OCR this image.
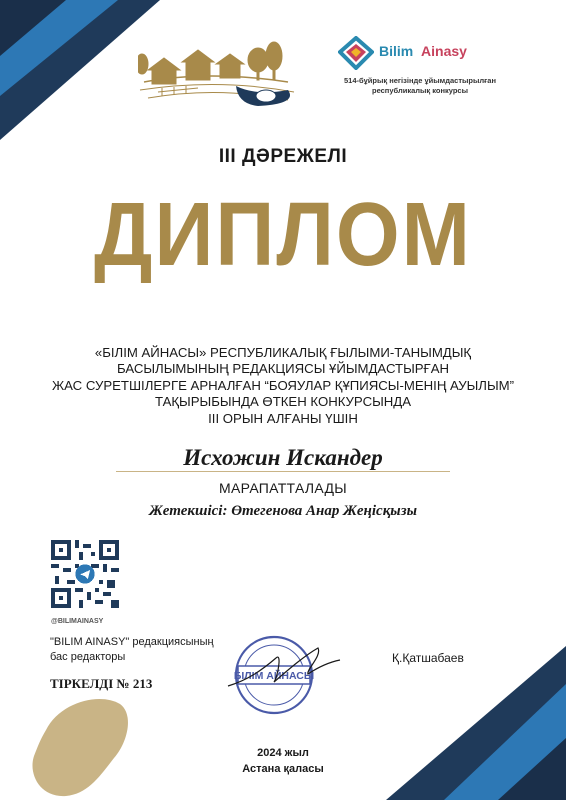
Bilim Ainasy
514-бұйрық негізінде ұйымдастырылған республикалық конкурсы
III ДƏРЕЖЕЛІ
ДИПЛОМ
«БІЛІМ АЙНАСЫ» РЕСПУБЛИКАЛЫҚ ҒЫЛЫМИ-ТАНЫМДЫҚ
БАСЫЛЫМЫНЫҢ РЕДАКЦИЯСЫ ҰЙЫМДАСТЫРҒАН
ЖАС СУРЕТШІЛЕРГЕ АРНАЛҒАН “БОЯУЛАР ҚҰПИЯСЫ-МЕНІҢ АУЫЛЫМ”
ТАҚЫРЫБЫНДА ӨТКЕН КОНКУРСЫНДА
III ОРЫН АЛҒАНЫ ҮШІН
Исхожин Искандер
МАРАПАТТАЛАДЫ
Жетекшісі: Өтегенова Анар Жеңісқызы
@BILIMAINASY
"BILIM AINASY" редакциясының
бас редакторы
ТІРКЕЛДІ № 213	БІЛІМ АЙНАСЫ
Қ.Қатшабаев
2024 жыл
Астана қаласы
